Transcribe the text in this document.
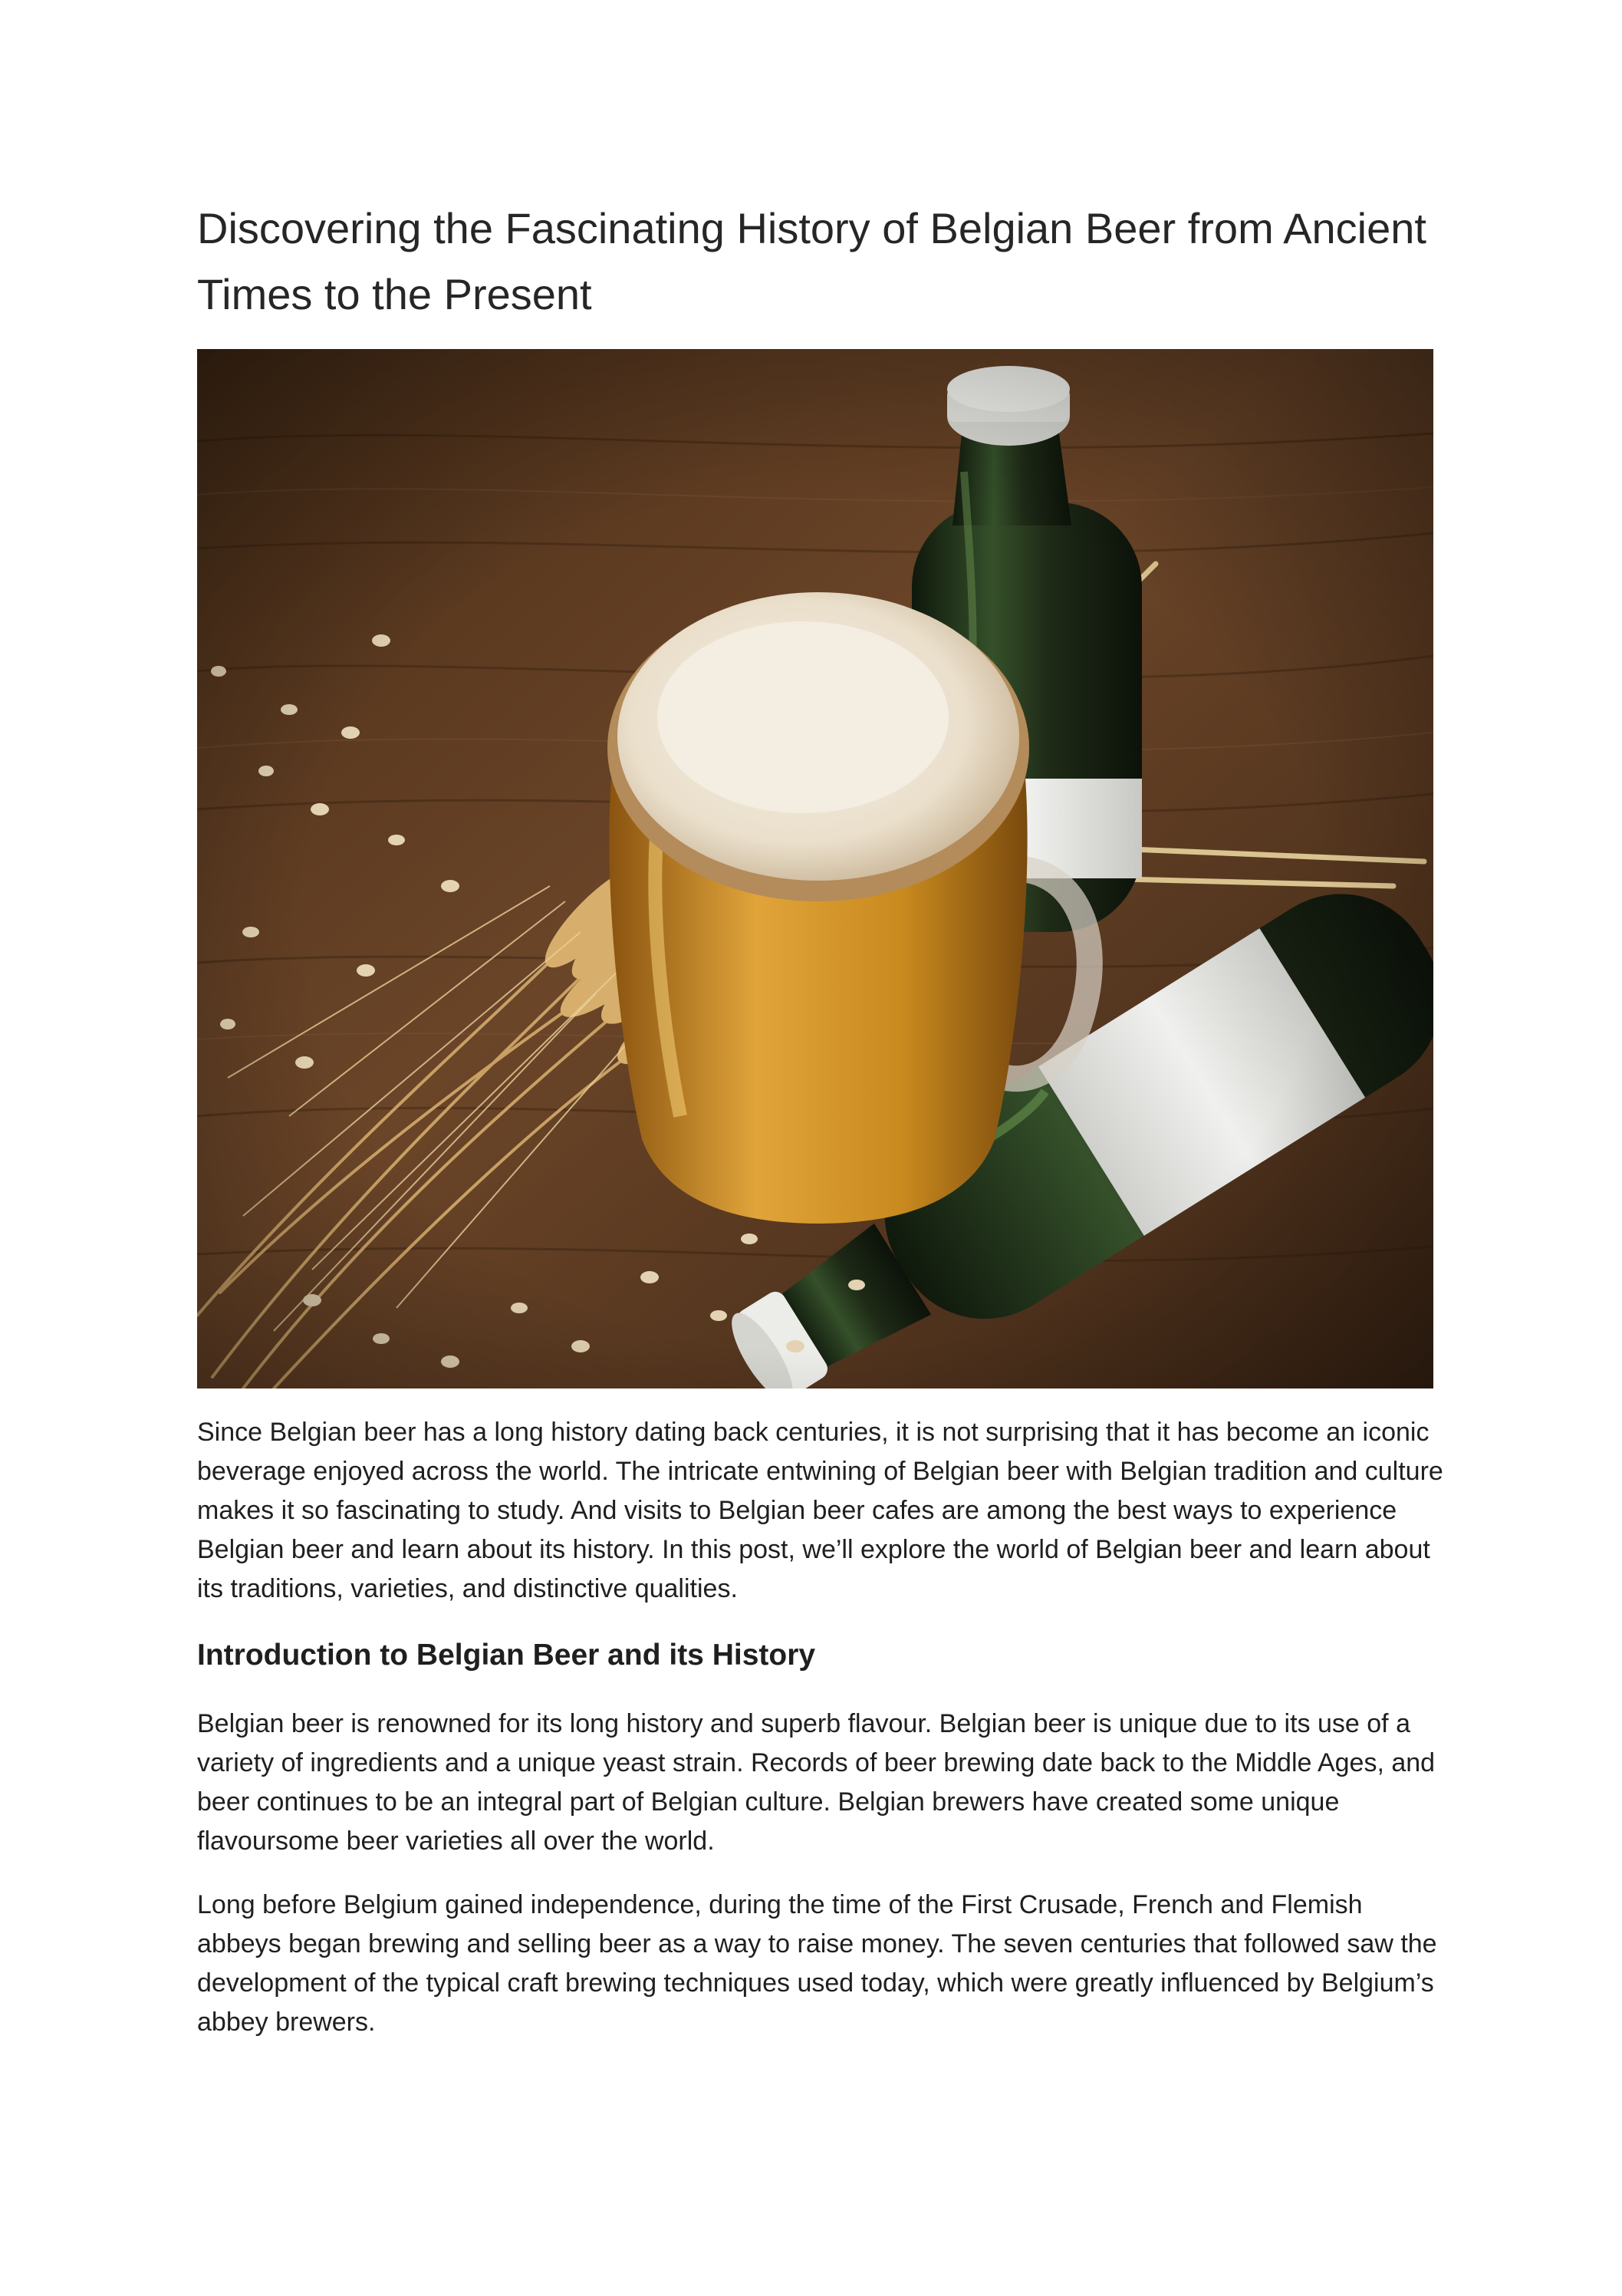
Discovering the Fascinating History of Belgian Beer from Ancient Times to the Present

Since Belgian beer has a long history dating back centuries, it is not surprising that it has become an iconic beverage enjoyed across the world. The intricate entwining of Belgian beer with Belgian tradition and culture makes it so fascinating to study. And visits to Belgian beer cafes are among the best ways to experience Belgian beer and learn about its history. In this post, we’ll explore the world of Belgian beer and learn about its traditions, varieties, and distinctive qualities.

Introduction to Belgian Beer and its History

Belgian beer is renowned for its long history and superb flavour. Belgian beer is unique due to its use of a variety of ingredients and a unique yeast strain. Records of beer brewing date back to the Middle Ages, and beer continues to be an integral part of Belgian culture. Belgian brewers have created some unique flavoursome beer varieties all over the world.

Long before Belgium gained independence, during the time of the First Crusade, French and Flemish abbeys began brewing and selling beer as a way to raise money. The seven centuries that followed saw the development of the typical craft brewing techniques used today, which were greatly influenced by Belgium’s abbey brewers.
